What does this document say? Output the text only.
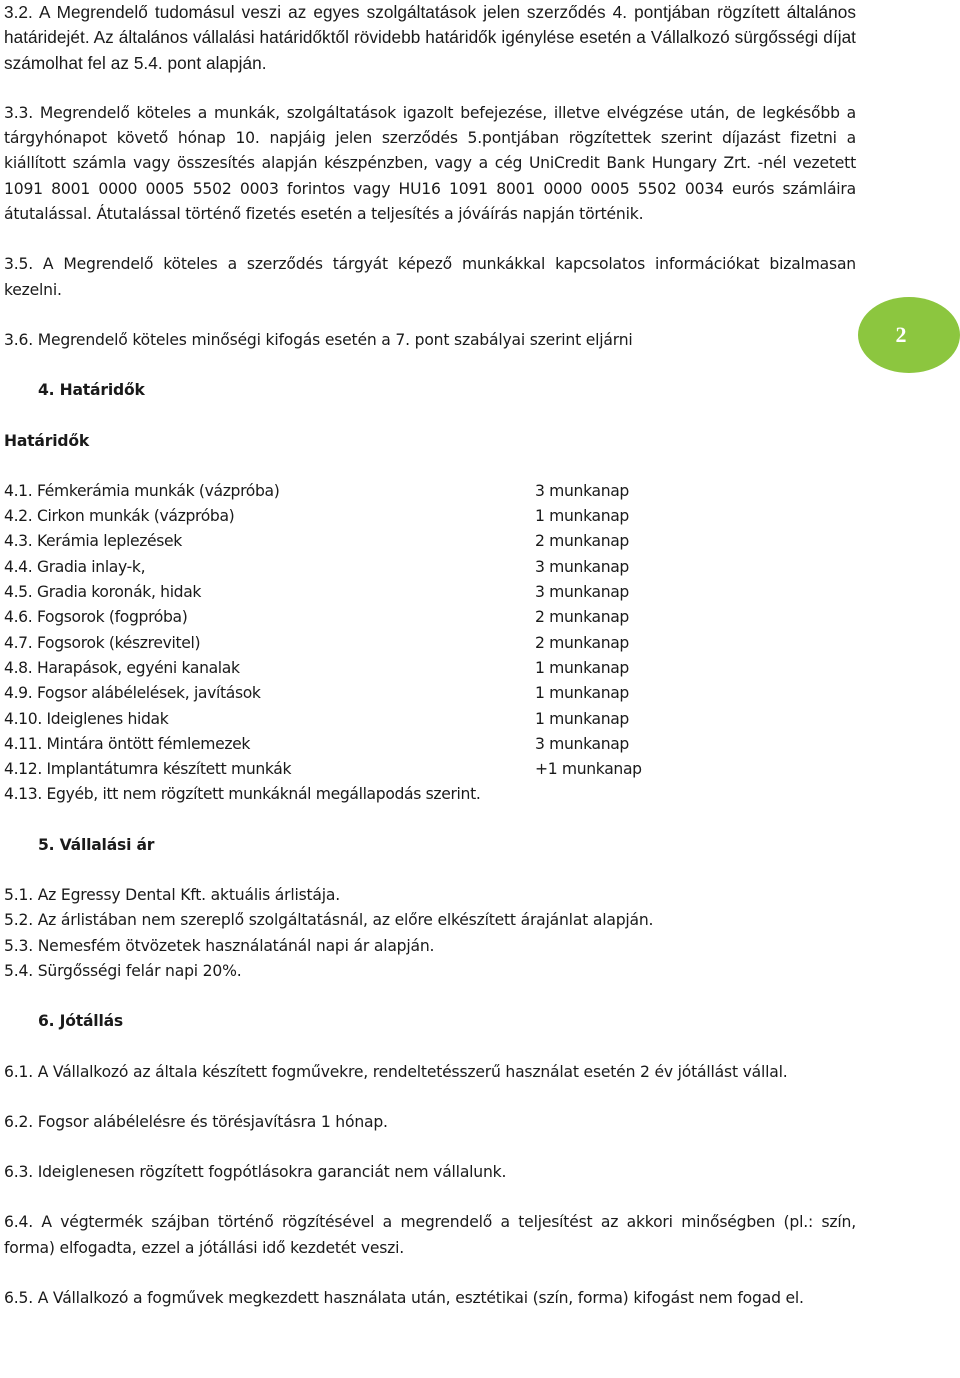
3.2. A Megrendelő tudomásul veszi az egyes szolgáltatások jelen szerződés 4. pontjában rögzített általános határidejét. Az általános vállalási határidőktől rövidebb határidők igénylése esetén a Vállalkozó sürgősségi díjat számolhat fel az 5.4. pont alapján.

3.3. Megrendelő köteles a munkák, szolgáltatások igazolt befejezése, illetve elvégzése után, de legkésőbb a tárgyhónapot követő hónap 10. napjáig jelen szerződés 5.pontjában rögzítettek szerint díjazást fizetni a kiállított számla vagy összesítés alapján készpénzben, vagy a cég UniCredit Bank Hungary Zrt. -nél vezetett 1091 8001 0000 0005 5502 0003 forintos vagy HU16 1091 8001 0000 0005 5502 0034 eurós számláira átutalással. Átutalással történő fizetés esetén a teljesítés a jóváírás napján történik.

3.5. A Megrendelő köteles a szerződés tárgyát képező munkákkal kapcsolatos információkat bizalmasan kezelni.

3.6. Megrendelő köteles minőségi kifogás esetén a 7. pont szabályai szerint eljárni

4. Határidők

Határidők

4.1. Fémkerámia munkák (vázpróba)	3 munkanap
4.2. Cirkon munkák (vázpróba)	1 munkanap
4.3. Kerámia leplezések	2 munkanap
4.4. Gradia inlay-k,	3 munkanap
4.5. Gradia koronák, hidak	3 munkanap
4.6. Fogsorok (fogpróba)	2 munkanap
4.7. Fogsorok (készrevitel)	2 munkanap
4.8. Harapások, egyéni kanalak	1 munkanap
4.9. Fogsor alábélelések, javítások	1 munkanap
4.10. Ideiglenes hidak	1 munkanap
4.11. Mintára öntött fémlemezek	3 munkanap
4.12. Implantátumra készített munkák	+1 munkanap
4.13. Egyéb, itt nem rögzített munkáknál megállapodás szerint.

5. Vállalási ár

5.1. Az Egressy Dental Kft. aktuális árlistája.

5.2. Az árlistában nem szereplő szolgáltatásnál, az előre elkészített árajánlat alapján.

5.3. Nemesfém ötvözetek használatánál napi ár alapján.

5.4. Sürgősségi felár napi 20%.

6. Jótállás

6.1. A Vállalkozó az általa készített fogművekre, rendeltetésszerű használat esetén 2 év jótállást vállal.

6.2. Fogsor alábélelésre és törésjavításra 1 hónap.

6.3. Ideiglenesen rögzített fogpótlásokra garanciát nem vállalunk.

6.4. A végtermék szájban történő rögzítésével a megrendelő a teljesítést az akkori minőségben (pl.: szín, forma) elfogadta, ezzel a jótállási idő kezdetét veszi.

6.5. A Vállalkozó a fogművek megkezdett használata után, esztétikai (szín, forma) kifogást nem fogad el.

2
